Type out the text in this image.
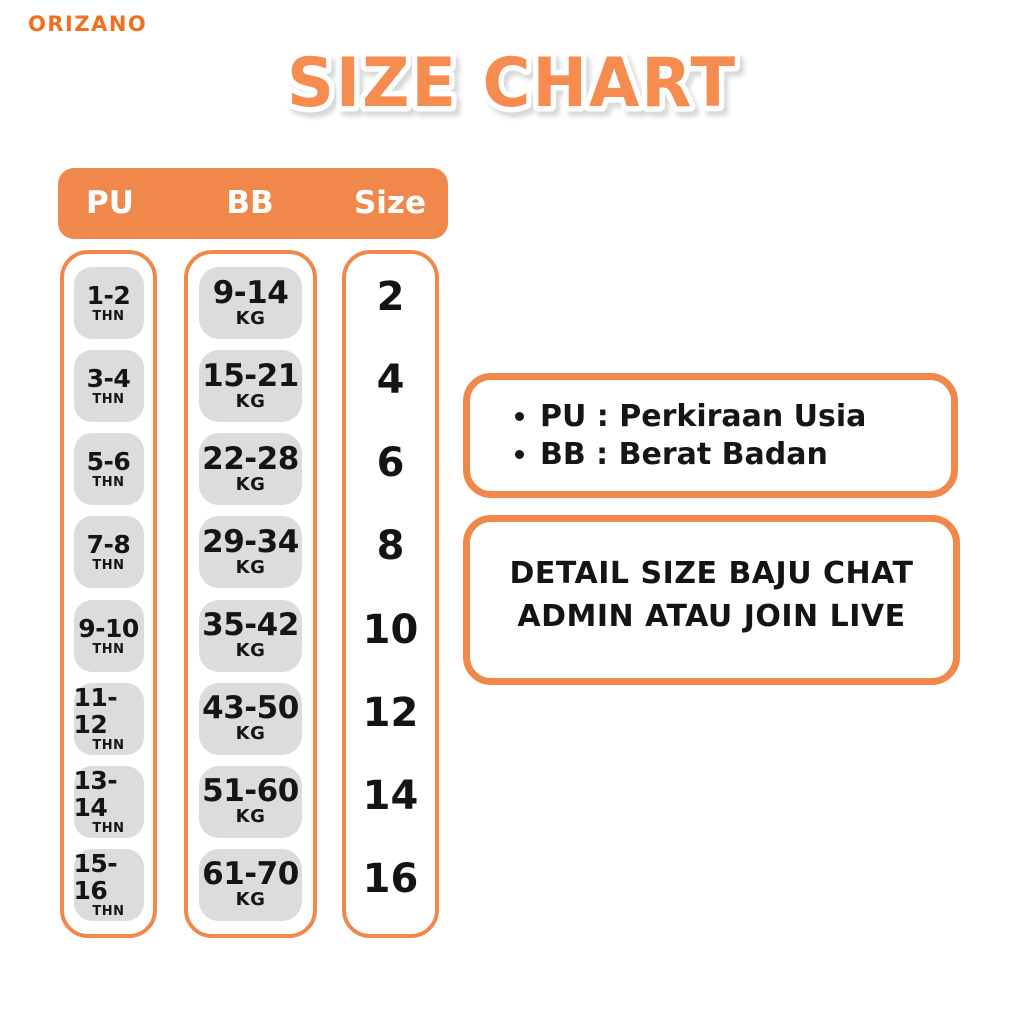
ORIZANO
SIZE CHART
PU	BB	Size
1-2
THN
3-4
THN
5-6
THN
7-8
THN
9-10
THN
11-12
THN
13-14
THN
15-16
THN
9-14
KG
15-21
KG
22-28
KG
29-34
KG
35-42
KG
43-50
KG
51-60
KG
61-70
KG
2
4
6
8
10
12
14
16
• PU : Perkiraan Usia
• BB : Berat Badan
DETAIL SIZE BAJU CHAT
ADMIN ATAU JOIN LIVE
